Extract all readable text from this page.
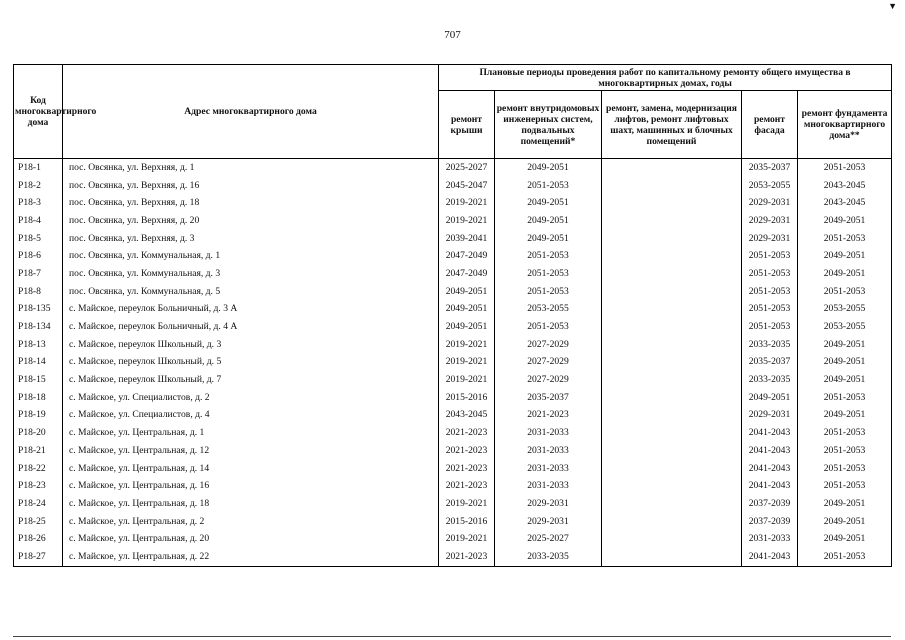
707
▼
Код многоквартирного дома	Адрес многоквартирного дома	Плановые периоды проведения работ по капитальному ремонту общего имущества в многоквартирных домах, годы				
		ремонт крыши	ремонт внутридомовых инженерных систем, подвальных помещений*	ремонт, замена, модернизация лифтов, ремонт лифтовых шахт, машинных и блочных помещений	ремонт фасада	ремонт фундамента многоквартирного дома**
P18-1	пос. Овсянка, ул. Верхняя, д. 1	2025-2027	2049-2051		2035-2037	2051-2053
P18-2	пос. Овсянка, ул. Верхняя, д. 16	2045-2047	2051-2053		2053-2055	2043-2045
P18-3	пос. Овсянка, ул. Верхняя, д. 18	2019-2021	2049-2051		2029-2031	2043-2045
P18-4	пос. Овсянка, ул. Верхняя, д. 20	2019-2021	2049-2051		2029-2031	2049-2051
P18-5	пос. Овсянка, ул. Верхняя, д. 3	2039-2041	2049-2051		2029-2031	2051-2053
P18-6	пос. Овсянка, ул. Коммунальная, д. 1	2047-2049	2051-2053		2051-2053	2049-2051
P18-7	пос. Овсянка, ул. Коммунальная, д. 3	2047-2049	2051-2053		2051-2053	2049-2051
P18-8	пос. Овсянка, ул. Коммунальная, д. 5	2049-2051	2051-2053		2051-2053	2051-2053
P18-135	с. Майское, переулок Больничный, д. 3 А	2049-2051	2053-2055		2051-2053	2053-2055
P18-134	с. Майское, переулок Больничный, д. 4 А	2049-2051	2051-2053		2051-2053	2053-2055
P18-13	с. Майское, переулок Школьный, д. 3	2019-2021	2027-2029		2033-2035	2049-2051
P18-14	с. Майское, переулок Школьный, д. 5	2019-2021	2027-2029		2035-2037	2049-2051
P18-15	с. Майское, переулок Школьный, д. 7	2019-2021	2027-2029		2033-2035	2049-2051
P18-18	с. Майское, ул. Специалистов, д. 2	2015-2016	2035-2037		2049-2051	2051-2053
P18-19	с. Майское, ул. Специалистов, д. 4	2043-2045	2021-2023		2029-2031	2049-2051
P18-20	с. Майское, ул. Центральная, д. 1	2021-2023	2031-2033		2041-2043	2051-2053
P18-21	с. Майское, ул. Центральная, д. 12	2021-2023	2031-2033		2041-2043	2051-2053
P18-22	с. Майское, ул. Центральная, д. 14	2021-2023	2031-2033		2041-2043	2051-2053
P18-23	с. Майское, ул. Центральная, д. 16	2021-2023	2031-2033		2041-2043	2051-2053
P18-24	с. Майское, ул. Центральная, д. 18	2019-2021	2029-2031		2037-2039	2049-2051
P18-25	с. Майское, ул. Центральная, д. 2	2015-2016	2029-2031		2037-2039	2049-2051
P18-26	с. Майское, ул. Центральная, д. 20	2019-2021	2025-2027		2031-2033	2049-2051
P18-27	с. Майское, ул. Центральная, д. 22	2021-2023	2033-2035		2041-2043	2051-2053
